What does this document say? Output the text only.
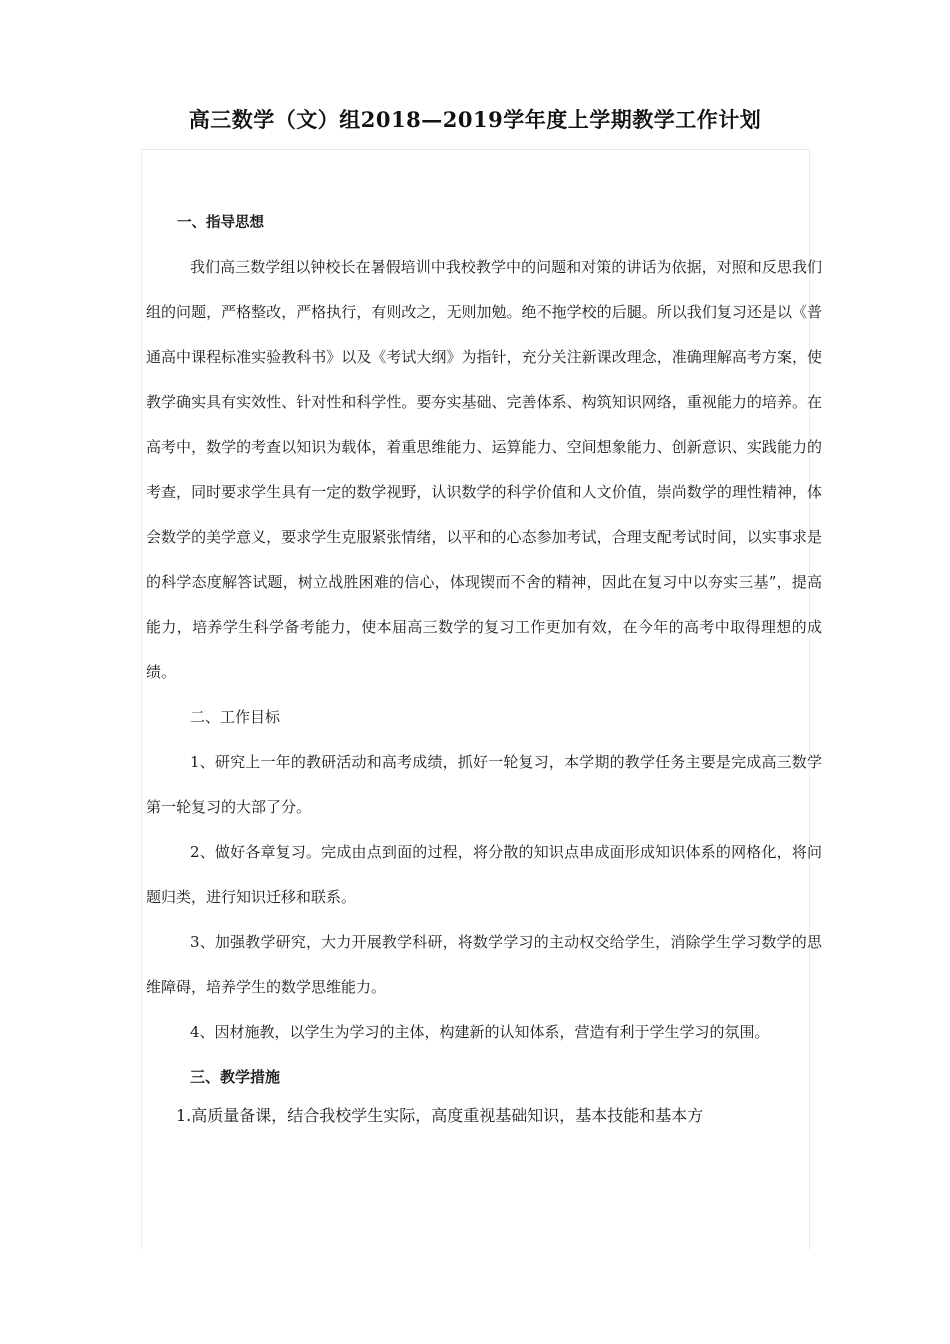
高三数学（文）组2018—2019学年度上学期教学工作计划

一、指导思想

我们高三数学组以钟校长在暑假培训中我校教学中的问题和对策的讲话为依据，对照和反思我们组的问题，严格整改，严格执行，有则改之，无则加勉。绝不拖学校的后腿。所以我们复习还是以《普通高中课程标准实验教科书》以及《考试大纲》为指针，充分关注新课改理念，准确理解高考方案，使教学确实具有实效性、针对性和科学性。要夯实基础、完善体系、构筑知识网络，重视能力的培养。在高考中，数学的考查以知识为载体，着重思维能力、运算能力、空间想象能力、创新意识、实践能力的考查，同时要求学生具有一定的数学视野，认识数学的科学价值和人文价值，崇尚数学的理性精神，体会数学的美学意义，要求学生克服紧张情绪，以平和的心态参加考试，合理支配考试时间，以实事求是的科学态度解答试题，树立战胜困难的信心，体现锲而不舍的精神，因此在复习中以夯实三基”，提高能力，培养学生科学备考能力，使本届高三数学的复习工作更加有效，在今年的高考中取得理想的成绩。

二、工作目标

1、研究上一年的教研活动和高考成绩，抓好一轮复习，本学期的教学任务主要是完成高三数学第一轮复习的大部了分。

2、做好各章复习。完成由点到面的过程，将分散的知识点串成面形成知识体系的网格化，将问题归类，进行知识迁移和联系。

3、加强教学研究，大力开展教学科研，将数学学习的主动权交给学生，消除学生学习数学的思维障碍，培养学生的数学思维能力。

4、因材施教，以学生为学习的主体，构建新的认知体系，营造有利于学生学习的氛围。

三、教学措施

1.高质量备课，结合我校学生实际，高度重视基础知识，基本技能和基本方
